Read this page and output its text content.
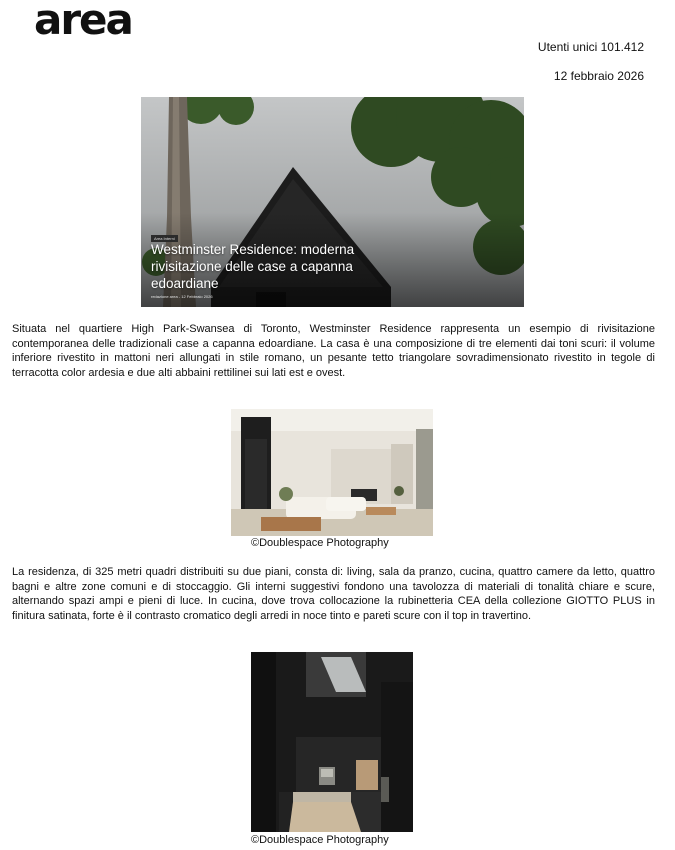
area
Utenti unici 101.412
12 febbraio 2026
Area Interni
Westminster Residence: moderna rivisitazione delle case a capanna edoardiane
redazione area - 12 Febbraio 2026

Situata nel quartiere High Park-Swansea di Toronto, Westminster Residence rappresenta un esempio di rivisitazione contemporanea delle tradizionali case a capanna edoardiane. La casa è una composizione di tre elementi dai toni scuri: il volume inferiore rivestito in mattoni neri allungati in stile romano, un pesante tetto triangolare sovradimensionato rivestito in tegole di terracotta color ardesia e due alti abbaini rettilinei sui lati est e ovest.

©Doublespace Photography

La residenza, di 325 metri quadri distribuiti su due piani, consta di: living, sala da pranzo, cucina, quattro camere da letto, quattro bagni e altre zone comuni e di stoccaggio. Gli interni suggestivi fondono una tavolozza di materiali di tonalità chiare e scure, alternando spazi ampi e pieni di luce. In cucina, dove trova collocazione la rubinetteria CEA della collezione GIOTTO PLUS in finitura satinata, forte è il contrasto cromatico degli arredi in noce tinto e pareti scure con il top in travertino.

©Doublespace Photography
